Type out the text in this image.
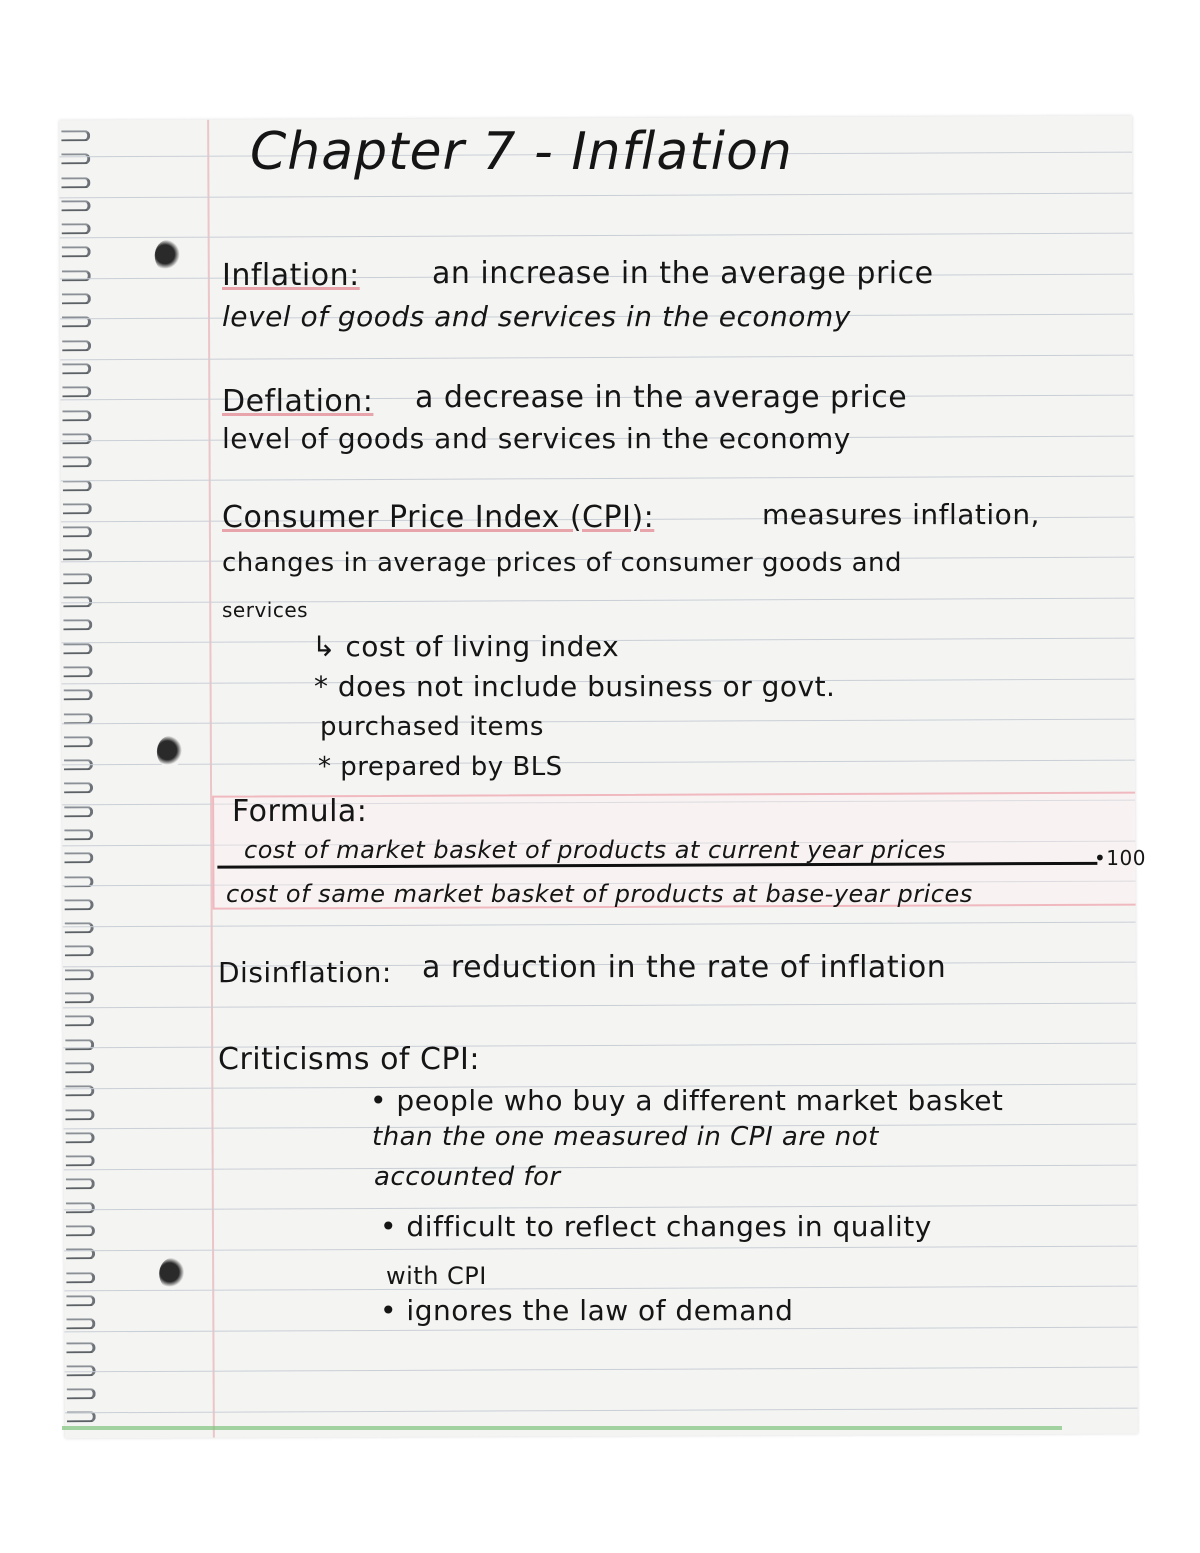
Chapter 7 - Inflation
Inflation: an increase in the average price
level of goods and services in the economy
Deflation: a decrease in the average price
level of goods and services in the economy
Consumer Price Index (CPI):	measures inflation,
changes in average prices of consumer goods and
services
↳ cost of living index
* does not include business or govt.
purchased items
* prepared by BLS
Formula:
cost of market basket of products at current year prices	•100
cost of same market basket of products at base-year prices
Disinflation: a reduction in the rate of inflation
Criticisms of CPI:
• people who buy a different market basket
than the one measured in CPI are not
accounted for
• difficult to reflect changes in quality
with CPI
• ignores the law of demand
